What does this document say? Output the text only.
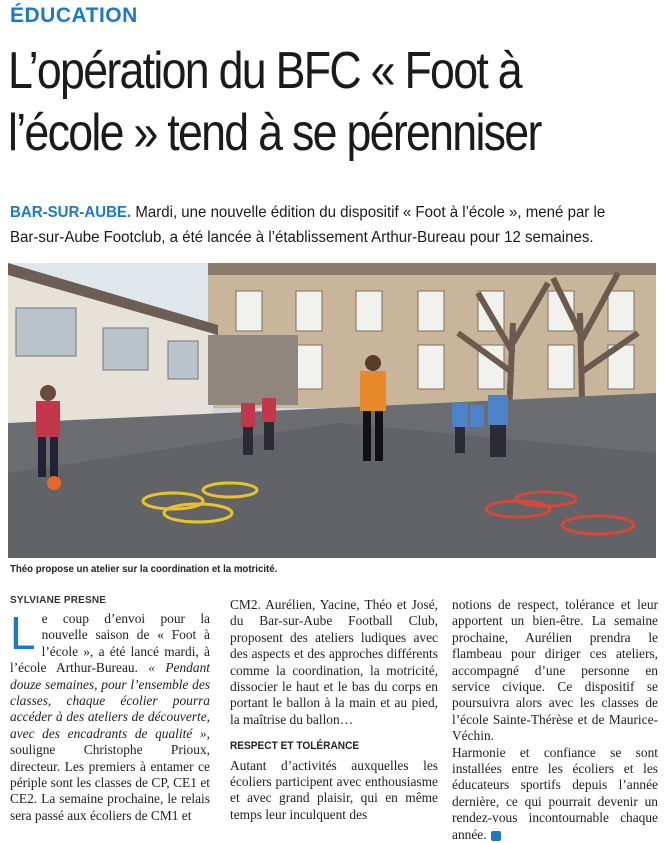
ÉDUCATION
L’opération du BFC « Foot à
l’école » tend à se pérenniser
BAR-SUR-AUBE. Mardi, une nouvelle édition du dispositif « Foot à l’école », mené par le Bar-sur-Aube Footclub, a été lancée à l’établissement Arthur-Bureau pour 12 semaines.
Théo propose un atelier sur la coordination et la motricité.
SYLVIANE PRESNE

Le coup d’envoi pour la nouvelle saison de « Foot à l’école », a été lancé mardi, à l’école Arthur-Bureau. « Pendant douze semaines, pour l’ensemble des classes, chaque écolier pourra accéder à des ateliers de découverte, avec des encadrants de qualité », souligne Christophe Prioux, directeur. Les premiers à entamer ce périple sont les classes de CP, CE1 et CE2. La semaine prochaine, le relais sera passé aux écoliers de CM1 et

CM2. Aurélien, Yacine, Théo et José, du Bar-sur-Aube Football Club, proposent des ateliers ludiques avec des aspects et des approches différents comme la coordination, la motricité, dissocier le haut et le bas du corps en portant le ballon à la main et au pied, la maîtrise du ballon…

RESPECT ET TOLÉRANCE

Autant d’activités auxquelles les écoliers participent avec enthousiasme et avec grand plaisir, qui en même temps leur inculquent des

notions de respect, tolérance et leur apportent un bien-être. La semaine prochaine, Aurélien prendra le flambeau pour diriger ces ateliers, accompagné d’une personne en service civique. Ce dispositif se poursuivra alors avec les classes de l’école Sainte-Thérèse et de Maurice-Véchin.

Harmonie et confiance se sont installées entre les écoliers et les éducateurs sportifs depuis l’année dernière, ce qui pourrait devenir un rendez-vous incontournable chaque année.
